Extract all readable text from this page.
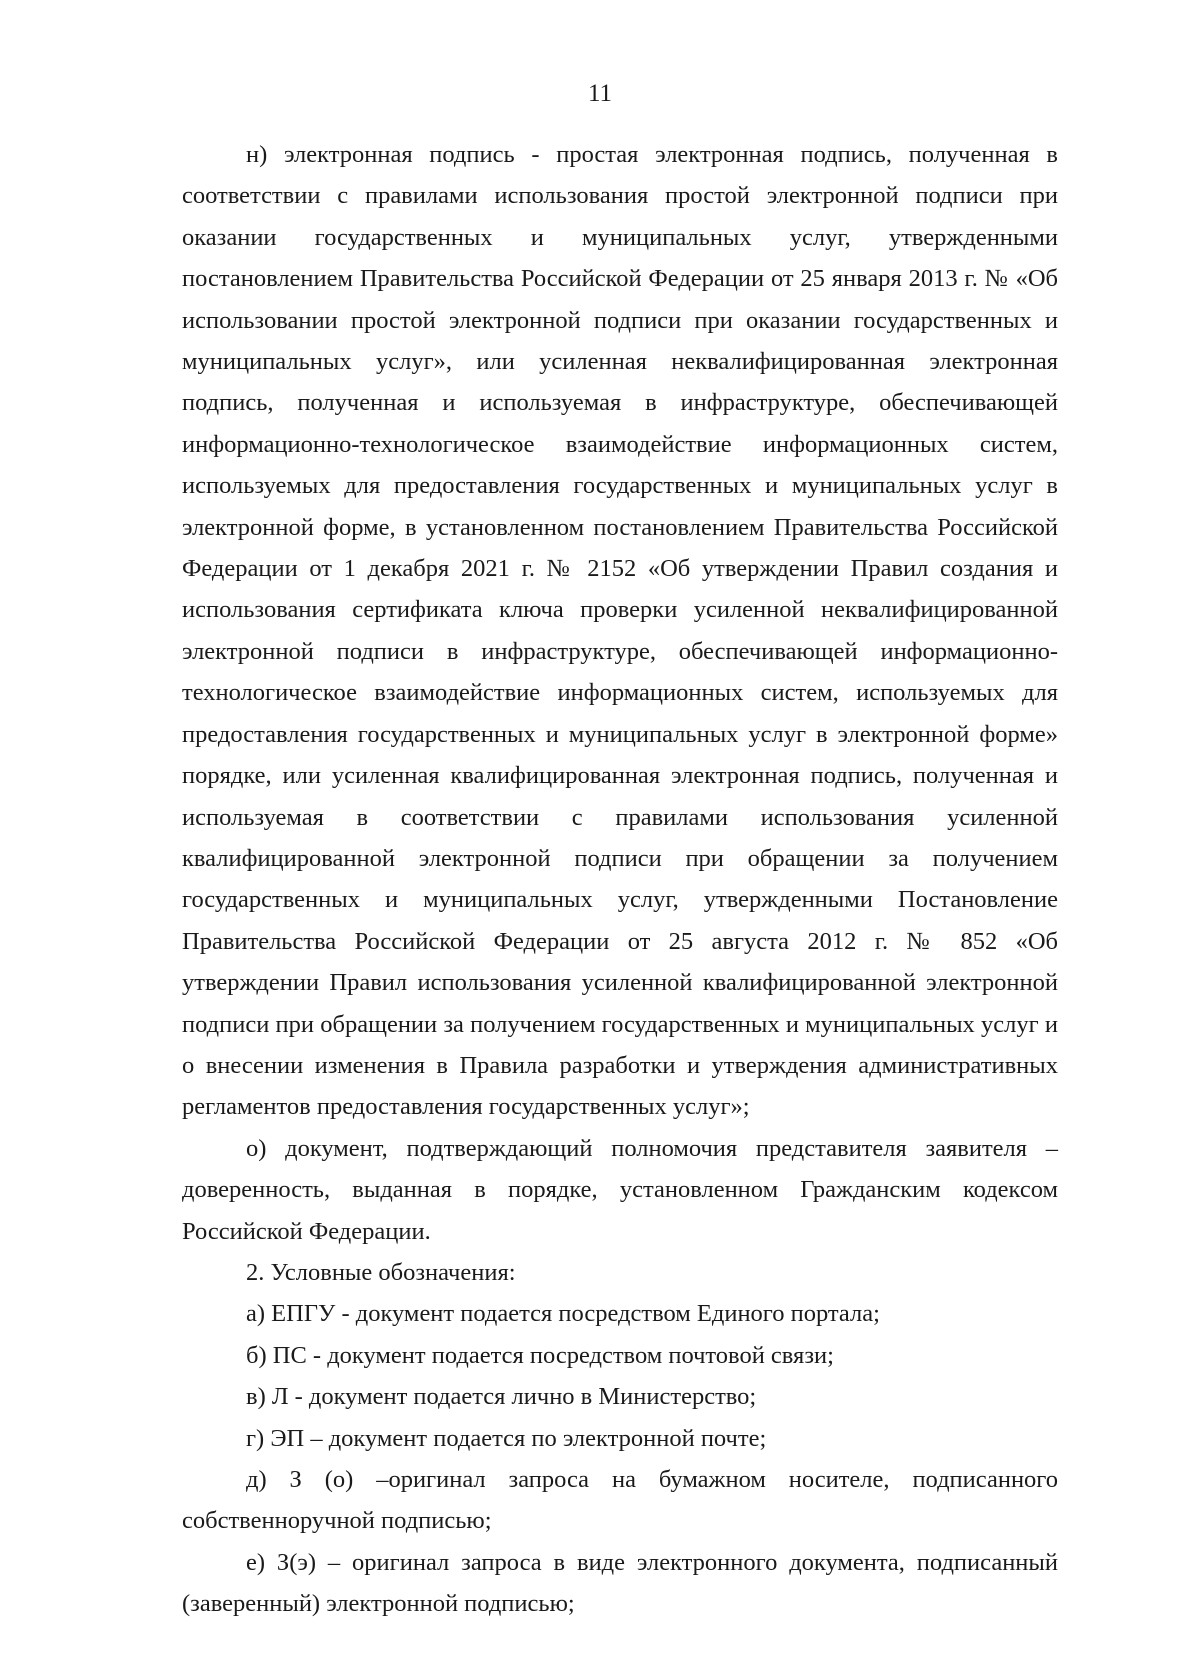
11

н) электронная подпись - простая электронная подпись, полученная в соответствии с правилами использования простой электронной подписи при оказании государственных и муниципальных услуг, утвержденными постановлением Правительства Российской Федерации от 25 января 2013 г. № «Об использовании простой электронной подписи при оказании государственных и муниципальных услуг», или усиленная неквалифицированная электронная подпись, полученная и используемая в инфраструктуре, обеспечивающей информационно-технологическое взаимодействие информационных систем, используемых для предоставления государственных и муниципальных услуг в электронной форме, в установленном постановлением Правительства Российской Федерации от 1 декабря 2021 г. № 2152 «Об утверждении Правил создания и использования сертификата ключа проверки усиленной неквалифицированной электронной подписи в инфраструктуре, обеспечивающей информационно-технологическое взаимодействие информационных систем, используемых для предоставления государственных и муниципальных услуг в электронной форме» порядке, или усиленная квалифицированная электронная подпись, полученная и используемая в соответствии с правилами использования усиленной квалифицированной электронной подписи при обращении за получением государственных и муниципальных услуг, утвержденными Постановление Правительства Российской Федерации от 25 августа 2012 г. № 852 «Об утверждении Правил использования усиленной квалифицированной электронной подписи при обращении за получением государственных и муниципальных услуг и о внесении изменения в Правила разработки и утверждения административных регламентов предоставления государственных услуг»;

о) документ, подтверждающий полномочия представителя заявителя – доверенность, выданная в порядке, установленном Гражданским кодексом Российской Федерации.

2. Условные обозначения:

а) ЕПГУ - документ подается посредством Единого портала;

б) ПС - документ подается посредством почтовой связи;

в) Л - документ подается лично в Министерство;

г) ЭП – документ подается по электронной почте;

д) З (о) –оригинал запроса на бумажном носителе, подписанного собственноручной подписью;

е) З(э) – оригинал запроса в виде электронного документа, подписанный (заверенный) электронной подписью;
